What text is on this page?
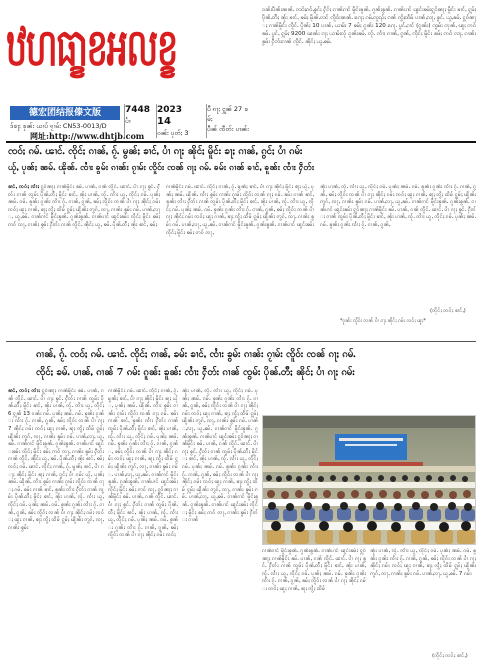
ឋហធា្ខខអលខ្ខ
德宏团结报傣文版
ဒ်ၶႃႈ ၶုၼ်း ယၢပ် ၵႂၢမ်း CN53-0013/D
7448
ပၢႆ
2023
14
ဝၼ်း ပုတ်ႈ 3
ပီ ၵႃႈ ႁူၼ် 27 ၶမ်ႈ
ပဵၼ် ၸဵတ်း ပၢၼ်း
网址:http://www.dhtjb.com
ဝၼ်းပဵၼ်းၼၼ်ႉ ၸဝ်ႈၵဝ်ႇၶွင်ႈ ႁႅၵ်ႈ ၵၢၼ်ၵၢင် မိူင်းၶူၼ်ႉ ၵူၼ်းၶွၼ်ႉ ၵၢၼ်ပၢင် ၽွင်းၶမ်းႁူဝ်ၼႃႈ မိူင်း ၶၢင်ႇ ႁူမ်ႈ ပိုၼ်ႉတီႈ ၼႂ်း ၶၢင်ႇ ၶမ်ႈ မိုၼ်ႉၸင် ၸိူဝ်းၼၼ်ႉ ၵေႃႈ ၵမ်ႉၸူၺ်ႈ ၵၼ် ၸွႆႈထႅမ် ပၢၼ်ႇလႃႇ ၶွင်ႉ ယူႇၶမ်ႉ ႁူဝ်ၼႃႈ ၵၢၼ်မိူင်း ၸိူင်ႉ ပိူၼ်ႈ 10 ပၢၼ်ႇ ယၢမ်း 7 ၶမ်ႈ ၵူၼ်း 120 ၵေႃႉ ပွင်ႇၵၢင် (ၵူၼ်း) ၸွမ်း ဢုၼ်ႇ ၽူႈ ဢဝ်ၶမ်ႉ ပွင်ႇ ႁူမ်ႈ 9200 ၽၼ်း ၵႃႈ ယၢမ်းလႂ် ၵူၼ်းၶမ်ႉ ၸႂ်ႉ ၸၢႆး ၵၢၼ်ႇ ၵွၼ်ႇ ၸိုင်ႈ မိူင်း ၶမ်ႈ ဢဝ် ၸႃႇ ၵၢၼ်း ၶွမ်း ႁဵတ်းၵၢၼ် ၸိူင်ႉ ၼိုင်ႈ ယူႇၶမ်ႉ
ၸဝ်ႈ ၵမ်ႉ ၽၢင်ႉ ၸိုင်ႈ ၵၢၼ်ႇ ၵႂ်ႉ မွၼ်ႈ ၶၢင်ႇ ပၢႆ ၵႃႈ ၼိုင်ႈ မိူင်း ၶႃႈ ၵၢၼ်ႇ ၵွင်ႈ ပၢႆ ၵမ်း
ယႂ်ႇ ပုၼ်ႈ ၼမ်ႉ ၽိုၼ်ႉ ၸၢႆး ၶွမ်း ၵၢၼ်း ၵႂၢမ်း ၸိူဝ်း ၸၼ် ၵႃႈ ၵမ်ႉ ၶမ်း ၵၢၼ် ၶၢင်ႇ ၶူၼ်း ၸၢႆး ႁဵတ်း
ၶၢင်ႇ ၸဝ်ႈ ၸၢႆး ႁူဝ်ၼႃႈ ၵၢၼ်မိူင်း ၶမ်ႉ ပၢၼ်ႇ ၵၼ် ၸိူင်ႉ ၽၢင်ႉ ပၢႆ ၵႃႈ ၶွင်ႉ ႁဵတ်း ၵၢၼ် ၸွမ်း ပိုၼ်ႉတီႈ မိူင်း ၶၢင်ႇ ၼႂ်း ပၢၼ်ႇ ၸႂ်ႉ ၸၢႆး ယူႇ ၸိုင်ႈ ၵမ်ႉ ပုၼ်ႈ ၼမ်ႉ ၵမ်ႉ ၶူၼ်း ၵူၼ်း ၸၢႆး ၵႂ်ႉ ၵၢၼ်ႇ ၵွၼ်ႇ ၶမ်ႈ ၸိူဝ်း ၸၼ် ပၢႆ ၵႃႈ ၼိုင်ႈ ၵမ်း ၸဝ်ႈ ၽူႈ ၵၢၼ်ႇ ၶႃႈ ၸွႆႈ ထႅမ် ႁူမ်ႈ ၽိူၼ်း ဢွၵ်ႇ ၸႃႇ ၵၢၼ်း ၶွမ်း ၵမ်ႉ ပၢၼ်ႇလႃႇ ယူႇၶမ်ႉ ၵၢၼ်ၵၢင် မိူင်းၶူၼ်ႉ ၵူၼ်းၶွၼ်ႉ ၵၢၼ်ပၢင် ၽွင်းၶမ်း ၸိုင်ႈ မိူင်း ၶမ်ႈ ဢဝ် ၸႃႇ ၵၢၼ်း ၶွမ်း ႁဵတ်း ၵၢၼ် ၸိူင်ႉ ၼိုင်ႈ ယူႇ ၶမ်ႉ ပိုၼ်ႉတီႈ ၼႂ်း ၶၢင်ႇ ၶမ်ႈ
ၵၢၼ်မိူင်း ၵမ်ႉ ၽၢင်ႉ ၸိုင်ႈ ၵၢၼ်ႇ ၵႂ်ႉ မွၼ်ႈ ၶၢင်ႇ ပၢႆ ၵႃႈ ၼိုင်ႈ မိူင်း ၶႃႈ ယႂ်ႇ ပုၼ်ႈ ၼမ်ႉ ၽိုၼ်ႉ ၸၢႆး ၶွမ်း ၵၢၼ်း ၵႂၢမ်း ၸိူဝ်း ၸၼ် ၵႃႈ ၵမ်ႉ ၶမ်း ၵၢၼ် ၶၢင်ႇ ၶူၼ်း ၸၢႆး ႁဵတ်း ၵၢၼ် ၸွမ်း ပိုၼ်ႉတီႈ မိူင်း ၶၢင်ႇ ၼႂ်း ပၢၼ်ႇ ၸႂ်ႉ ၸၢႆး ယူႇ ၸိုင်ႈ ၵမ်ႉ ပုၼ်ႈ ၼမ်ႉ ၵမ်ႉ ၶူၼ်း ၵူၼ်း ၸၢႆး ၵႂ်ႉ ၵၢၼ်ႇ ၵွၼ်ႇ ၶမ်ႈ ၸိူဝ်း ၸၼ် ပၢႆ ၵႃႈ ၼိုင်ႈ ၵမ်း ၸဝ်ႈ ၽူႈ ၵၢၼ်ႇ ၶႃႈ ၸွႆႈ ထႅမ် ႁူမ်ႈ ၽိူၼ်း ဢွၵ်ႇ ၸႃႇ ၵၢၼ်း ၶွမ်း ၵမ်ႉ ပၢၼ်ႇလႃႇ ယူႇၶမ်ႉ ၵၢၼ်ၵၢင် မိူင်းၶူၼ်ႉ ၵူၼ်းၶွၼ်ႉ ၵၢၼ်ပၢင် ၽွင်းၶမ်း ၸိုင်ႈ မိူင်း ၶမ်ႈ ဢဝ် ၸႃႇ
ၼႂ်း ပၢၼ်ႇ ၸႂ်ႉ ၸၢႆး ယူႇ ၸိုင်ႈ ၵမ်ႉ ပုၼ်ႈ ၼမ်ႉ ၵမ်ႉ ၶူၼ်း ၵူၼ်း ၸၢႆး ၵႂ်ႉ ၵၢၼ်ႇ ၵွၼ်ႇ ၶမ်ႈ ၸိူဝ်း ၸၼ် ပၢႆ ၵႃႈ ၼိုင်ႈ ၵမ်း ၸဝ်ႈ ၽူႈ ၵၢၼ်ႇ ၶႃႈ ၸွႆႈ ထႅမ် ႁူမ်ႈ ၽိူၼ်း ဢွၵ်ႇ ၸႃႇ ၵၢၼ်း ၶွမ်း ၵမ်ႉ ပၢၼ်ႇလႃႇ ယူႇၶမ်ႉ ၵၢၼ်ၵၢင် မိူင်းၶူၼ်ႉ ၵူၼ်းၶွၼ်ႉ ၵၢၼ်ပၢင် ၽွင်းၶမ်း ႁူဝ်ၼႃႈ ၵၢၼ်မိူင်း ၶမ်ႉ ပၢၼ်ႇ ၵၼ် ၸိူင်ႉ ၽၢင်ႉ ပၢႆ ၵႃႈ ၶွင်ႉ ႁဵတ်း ၵၢၼ် ၸွမ်း ပိုၼ်ႉတီႈ မိူင်း ၶၢင်ႇ ၼႂ်း ပၢၼ်ႇ ၸႂ်ႉ ၸၢႆး ယူႇ ၸိုင်ႈ ၵမ်ႉ ပုၼ်ႈ ၼမ်ႉ ၵမ်ႉ ၶူၼ်း ၵူၼ်း ၸၢႆး ၵႂ်ႉ ၵၢၼ်ႇ ၵွၼ်ႇ
(ၸိုင်ႈ ၸဝ်ႈ ၶၢင်ႇ)
*ၵူၼ်း ၸိူဝ်း ၸၼ် ပၢႆ ၵႃႈ ၼိုင်ႈ ၵမ်း ၸဝ်ႈ ၽူႈ*
ၵၢၼ်ႇ ၵႂ်ႉ ၸဝ်ႈ ၵမ်ႉ ၽၢင်ႉ ၸိုင်ႈ ၵၢၼ်ႇ ၶမ်း ၶၢင်ႇ ၸၢႆး ၶွမ်း ၵၢၼ်း ၵႂၢမ်း ၸိူဝ်း ၸၼ် ၵႃႈ ၵမ်ႉ
ၸိုင်ႈ ၶမ်ႉ ပၢၼ်ႇ ၵၢၼ် 7 ၵမ်း ၵူၼ်း ၶူၼ်း ၸၢႆး ႁဵတ်း ၵၢၼ် ၸွမ်း ပိုၼ်ႉတီႈ ၼိုင်ႈ ပၢႆ ၵႃႈ ၵမ်း
ၶၢင်ႇ ၸဝ်ႈ ၸၢႆး ႁူဝ်ၼႃႈ ၵၢၼ်မိူင်း ၶမ်ႉ ပၢၼ်ႇ ၵၼ် ၸိူင်ႉ ၽၢင်ႉ ပၢႆ ၵႃႈ ၶွင်ႉ ႁဵတ်း ၵၢၼ် ၸွမ်း ပိုၼ်ႉတီႈ မိူင်း ၶၢင်ႇ ၼႂ်း ပၢၼ်ႇ ၸႂ်ႉ ၸၢႆး ယူႇ ၸိုင်ႈ 6 ႁူၼ် 13 ဝၼ်း ၵမ်ႉ ပုၼ်ႈ ၼမ်ႉ ၵမ်ႉ ၶူၼ်း ၵူၼ်း ၸၢႆး ၵႂ်ႉ ၵၢၼ်ႇ ၵွၼ်ႇ ၶမ်ႈ ၸိူဝ်း ၸၼ် ပၢႆ ၵႃႈ 7 ၼိုင်ႈ ၵမ်း ၸဝ်ႈ ၽူႈ ၵၢၼ်ႇ ၶႃႈ ၸွႆႈ ထႅမ် ႁူမ်ႈ ၽိူၼ်း ဢွၵ်ႇ ၸႃႇ ၵၢၼ်း ၶွမ်း ၵမ်ႉ ပၢၼ်ႇလႃႇ ယူႇၶမ်ႉ ၵၢၼ်ၵၢင် မိူင်းၶူၼ်ႉ ၵူၼ်းၶွၼ်ႉ ၵၢၼ်ပၢင် ၽွင်းၶမ်း ၸိုင်ႈ မိူင်း ၶမ်ႈ ဢဝ် ၸႃႇ ၵၢၼ်း ၶွမ်း ႁဵတ်း ၵၢၼ် ၸိူင်ႉ ၼိုင်ႈ ယူႇ ၶမ်ႉ ပိုၼ်ႉတီႈ ၼႂ်း ၶၢင်ႇ ၶမ်ႈ ၸဝ်ႈ ၵမ်ႉ ၽၢင်ႉ ၸိုင်ႈ ၵၢၼ်ႇ ၵႂ်ႉ မွၼ်ႈ ၶၢင်ႇ ပၢႆ ၵႃႈ ၼိုင်ႈ မိူင်း ၶႃႈ ၵၢၼ်ႇ ၵွင်ႈ ပၢႆ ၵမ်း ယႂ်ႇ ပုၼ်ႈ ၼမ်ႉ ၽိုၼ်ႉ ၸၢႆး ၶွမ်း ၵၢၼ်း ၵႂၢမ်း ၸိူဝ်း ၸၼ် ၵႃႈ ၵမ်ႉ ၶမ်း ၵၢၼ် ၶၢင်ႇ ၶူၼ်း ၸၢႆး ႁဵတ်း ၵၢၼ် ၸွမ်း ပိုၼ်ႉတီႈ မိူင်း ၶၢင်ႇ ၼႂ်း ပၢၼ်ႇ ၸႂ်ႉ ၸၢႆး ယူႇ ၸိုင်ႈ ၵမ်ႉ ပုၼ်ႈ ၼမ်ႉ ၵမ်ႉ ၶူၼ်း ၵူၼ်း ၸၢႆး ၵႂ်ႉ ၵၢၼ်ႇ ၵွၼ်ႇ ၶမ်ႈ ၸိူဝ်း ၸၼ် ပၢႆ ၵႃႈ ၼိုင်ႈ ၵမ်း ၸဝ်ႈ ၽူႈ ၵၢၼ်ႇ ၶႃႈ ၸွႆႈ ထႅမ် ႁူမ်ႈ ၽိူၼ်း ဢွၵ်ႇ ၸႃႇ ၵၢၼ်း ၶွမ်း
ၵၢၼ်မိူင်း ၵမ်ႉ ၽၢင်ႉ ၸိုင်ႈ ၵၢၼ်ႇ ၵႂ်ႉ မွၼ်ႈ ၶၢင်ႇ ပၢႆ ၵႃႈ ၼိုင်ႈ မိူင်း ၶႃႈ ယႂ်ႇ ပုၼ်ႈ ၼမ်ႉ ၽိုၼ်ႉ ၸၢႆး ၶွမ်း ၵၢၼ်း ၵႂၢမ်း ၸိူဝ်း ၸၼ် ၵႃႈ ၵမ်ႉ ၶမ်း ၵၢၼ် ၶၢင်ႇ ၶူၼ်း ၸၢႆး ႁဵတ်း ၵၢၼ် ၸွမ်း ပိုၼ်ႉတီႈ မိူင်း ၶၢင်ႇ ၼႂ်း ပၢၼ်ႇ ၸႂ်ႉ ၸၢႆး ယူႇ ၸိုင်ႈ ၵမ်ႉ ပုၼ်ႈ ၼမ်ႉ ၵမ်ႉ ၶူၼ်း ၵူၼ်း ၸၢႆး ၵႂ်ႉ ၵၢၼ်ႇ ၵွၼ်ႇ ၶမ်ႈ ၸိူဝ်း ၸၼ် ပၢႆ ၵႃႈ ၼိုင်ႈ ၵမ်း ၸဝ်ႈ ၽူႈ ၵၢၼ်ႇ ၶႃႈ ၸွႆႈ ထႅမ် ႁူမ်ႈ ၽိူၼ်း ဢွၵ်ႇ ၸႃႇ ၵၢၼ်း ၶွမ်း ၵမ်ႉ ပၢၼ်ႇလႃႇ ယူႇၶမ်ႉ ၵၢၼ်ၵၢင် မိူင်းၶူၼ်ႉ ၵူၼ်းၶွၼ်ႉ ၵၢၼ်ပၢင် ၽွင်းၶမ်း ၸိုင်ႈ မိူင်း ၶမ်ႈ ဢဝ် ၸႃႇ ႁူဝ်ၼႃႈ ၵၢၼ်မိူင်း ၶမ်ႉ ပၢၼ်ႇ ၵၼ် ၸိူင်ႉ ၽၢင်ႉ ပၢႆ ၵႃႈ ၶွင်ႉ ႁဵတ်း ၵၢၼ် ၸွမ်း ပိုၼ်ႉတီႈ မိူင်း ၶၢင်ႇ ၼႂ်း ပၢၼ်ႇ ၸႂ်ႉ ၸၢႆး ယူႇ ၸိုင်ႈ ၵမ်ႉ ပုၼ်ႈ ၼမ်ႉ ၵမ်ႉ ၶူၼ်း ၵူၼ်း ၸၢႆး ၵႂ်ႉ ၵၢၼ်ႇ ၵွၼ်ႇ ၶမ်ႈ ၸိူဝ်း ၸၼ် ပၢႆ ၵႃႈ ၼိုင်ႈ ၵမ်း ၸဝ်ႈ
ၼႂ်း ပၢၼ်ႇ ၸႂ်ႉ ၸၢႆး ယူႇ ၸိုင်ႈ ၵမ်ႉ ပုၼ်ႈ ၼမ်ႉ ၵမ်ႉ ၶူၼ်း ၵူၼ်း ၸၢႆး ၵႂ်ႉ ၵၢၼ်ႇ ၵွၼ်ႇ ၶမ်ႈ ၸိူဝ်း ၸၼ် ပၢႆ ၵႃႈ ၼိုင်ႈ ၵမ်း ၸဝ်ႈ ၽူႈ ၵၢၼ်ႇ ၶႃႈ ၸွႆႈ ထႅမ် ႁူမ်ႈ ၽိူၼ်း ဢွၵ်ႇ ၸႃႇ ၵၢၼ်း ၶွမ်း ၵမ်ႉ ပၢၼ်ႇလႃႇ ယူႇၶမ်ႉ ၵၢၼ်ၵၢင် မိူင်းၶူၼ်ႉ ၵူၼ်းၶွၼ်ႉ ၵၢၼ်ပၢင် ၽွင်းၶမ်း ႁူဝ်ၼႃႈ ၵၢၼ်မိူင်း ၶမ်ႉ ပၢၼ်ႇ ၵၼ် ၸိူင်ႉ ၽၢင်ႉ ပၢႆ ၵႃႈ ၶွင်ႉ ႁဵတ်း ၵၢၼ် ၸွမ်း ပိုၼ်ႉတီႈ မိူင်း ၶၢင်ႇ ၼႂ်း ပၢၼ်ႇ ၸႂ်ႉ ၸၢႆး ယူႇ ၸိုင်ႈ ၵမ်ႉ ပုၼ်ႈ ၼမ်ႉ ၵမ်ႉ ၶူၼ်း ၵူၼ်း ၸၢႆး ၵႂ်ႉ ၵၢၼ်ႇ ၵွၼ်ႇ ၶမ်ႈ ၸိူဝ်း ၸၼ် ပၢႆ ၵႃႈ ၼိုင်ႈ ၵမ်း ၸဝ်ႈ ၽူႈ ၵၢၼ်ႇ ၶႃႈ ၸွႆႈ ထႅမ် ႁူမ်ႈ ၽိူၼ်း ဢွၵ်ႇ ၸႃႇ ၵၢၼ်း ၶွမ်း ၵမ်ႉ ပၢၼ်ႇလႃႇ ယူႇၶမ်ႉ ၵၢၼ်ၵၢင် မိူင်းၶူၼ်ႉ ၵူၼ်းၶွၼ်ႉ ၵၢၼ်ပၢင် ၽွင်းၶမ်း ၸိုင်ႈ မိူင်း ၶမ်ႈ ဢဝ် ၸႃႇ ၵၢၼ်း ၶွမ်း ႁဵတ်း ၵၢၼ်
ၵၢၼ်ၵၢင် မိူင်းၶူၼ်ႉ ၵူၼ်းၶွၼ်ႉ ၵၢၼ်ပၢင် ၽွင်းၶမ်း ႁူဝ်ၼႃႈ ၵၢၼ်မိူင်း ၶမ်ႉ ပၢၼ်ႇ ၵၼ် ၸိူင်ႉ ၽၢင်ႉ ပၢႆ ၵႃႈ ၶွင်ႉ ႁဵတ်း ၵၢၼ် ၸွမ်း ပိုၼ်ႉတီႈ မိူင်း ၶၢင်ႇ ၼႂ်း ပၢၼ်ႇ ၸႂ်ႉ ၸၢႆး ယူႇ ၸိုင်ႈ ၵမ်ႉ ပုၼ်ႈ ၼမ်ႉ ၵမ်ႉ ၶူၼ်း ၵူၼ်း ၸၢႆး ၵႂ်ႉ ၵၢၼ်ႇ ၵွၼ်ႇ ၶမ်ႈ ၸိူဝ်း ၸၼ် ပၢႆ ၵႃႈ ၼိုင်ႈ ၵမ်း ၸဝ်ႈ ၽူႈ ၵၢၼ်ႇ ၶႃႈ ၸွႆႈ ထႅမ်
ၼႂ်း ပၢၼ်ႇ ၸႂ်ႉ ၸၢႆး ယူႇ ၸိုင်ႈ ၵမ်ႉ ပုၼ်ႈ ၼမ်ႉ ၵမ်ႉ ၶူၼ်း ၵူၼ်း ၸၢႆး ၵႂ်ႉ ၵၢၼ်ႇ ၵွၼ်ႇ ၶမ်ႈ ၸိူဝ်း ၸၼ် ပၢႆ ၵႃႈ ၼိုင်ႈ ၵမ်း ၸဝ်ႈ ၽူႈ ၵၢၼ်ႇ ၶႃႈ ၸွႆႈ ထႅမ် ႁူမ်ႈ ၽိူၼ်း ဢွၵ်ႇ ၸႃႇ ၵၢၼ်း ၶွမ်း ၵမ်ႉ ပၢၼ်ႇလႃႇ ယူႇၶမ်ႉ 7 ၵမ်း
(ၸိုင်ႈ ၸဝ်ႈ ၶၢင်ႇ)
